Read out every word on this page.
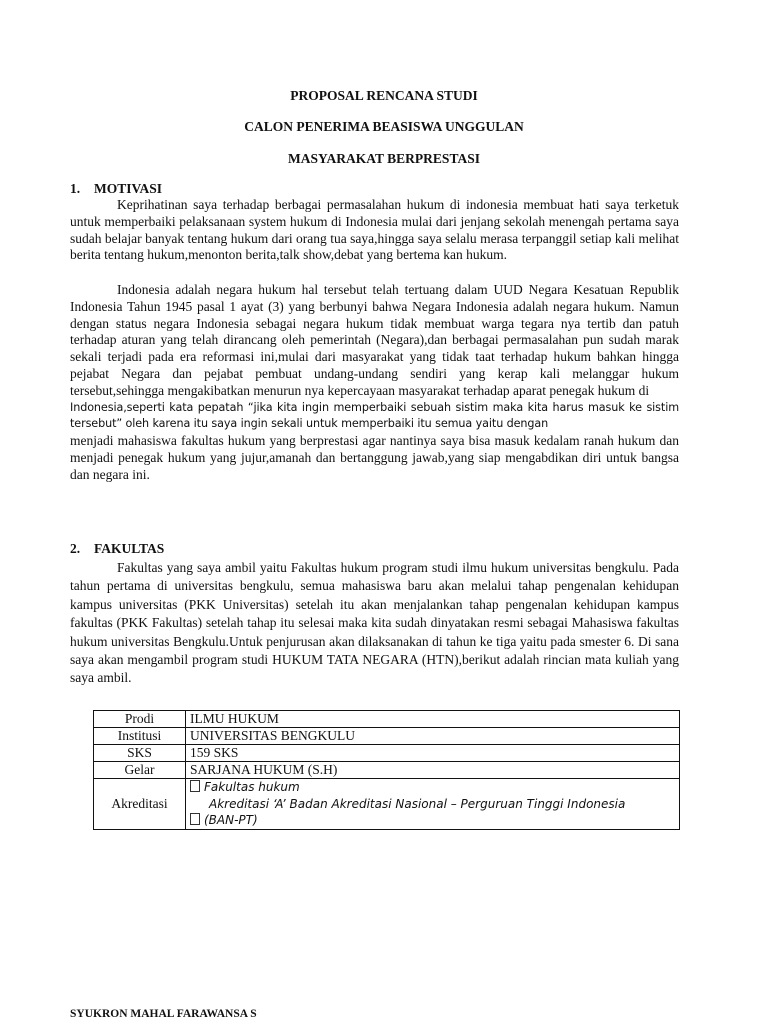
PROPOSAL RENCANA STUDI
CALON PENERIMA BEASISWA UNGGULAN
MASYARAKAT BERPRESTASI
1. MOTIVASI
Keprihatinan saya terhadap berbagai permasalahan hukum di indonesia membuat hati saya terketuk untuk memperbaiki pelaksanaan system hukum di Indonesia mulai dari jenjang sekolah menengah pertama saya sudah belajar banyak tentang hukum dari orang tua saya,hingga saya selalu merasa terpanggil setiap kali melihat berita tentang hukum,menonton berita,talk show,debat yang bertema kan hukum.
Indonesia adalah negara hukum hal tersebut telah tertuang dalam UUD Negara Kesatuan Republik Indonesia Tahun 1945 pasal 1 ayat (3) yang berbunyi bahwa Negara Indonesia adalah negara hukum. Namun dengan status negara Indonesia sebagai negara hukum tidak membuat warga tegara nya tertib dan patuh terhadap aturan yang telah dirancang oleh pemerintah (Negara),dan berbagai permasalahan pun sudah marak sekali terjadi pada era reformasi ini,mulai dari masyarakat yang tidak taat terhadap hukum bahkan hingga pejabat Negara dan pejabat pembuat undang-undang sendiri yang kerap kali melanggar hukum tersebut,sehingga mengakibatkan menurun nya kepercayaan masyarakat terhadap aparat penegak hukum di
Indonesia,seperti kata pepatah “jika kita ingin memperbaiki sebuah sistim maka kita harus masuk ke sistim tersebut” oleh karena itu saya ingin sekali untuk memperbaiki itu semua yaitu dengan
menjadi mahasiswa fakultas hukum yang berprestasi agar nantinya saya bisa masuk kedalam ranah hukum dan menjadi penegak hukum yang jujur,amanah dan bertanggung jawab,yang siap mengabdikan diri untuk bangsa dan negara ini.
2. FAKULTAS
Fakultas yang saya ambil yaitu Fakultas hukum program studi ilmu hukum universitas bengkulu. Pada tahun pertama di universitas bengkulu, semua mahasiswa baru akan melalui tahap pengenalan kehidupan kampus universitas (PKK Universitas) setelah itu akan menjalankan tahap pengenalan kehidupan kampus fakultas (PKK Fakultas) setelah tahap itu selesai maka kita sudah dinyatakan resmi sebagai Mahasiswa fakultas hukum universitas Bengkulu.Untuk penjurusan akan dilaksanakan di tahun ke tiga yaitu pada smester 6. Di sana saya akan mengambil program studi HUKUM TATA NEGARA (HTN),berikut adalah rincian mata kuliah yang saya ambil.
Prodi	ILMU HUKUM
Institusi	UNIVERSITAS BENGKULU
SKS	159 SKS
Gelar	SARJANA HUKUM (S.H)
Akreditasi	Fakultas hukum
Akreditasi ‘A’ Badan Akreditasi Nasional – Perguruan Tinggi Indonesia
(BAN-PT)
SYUKRON MAHAL FARAWANSA S
